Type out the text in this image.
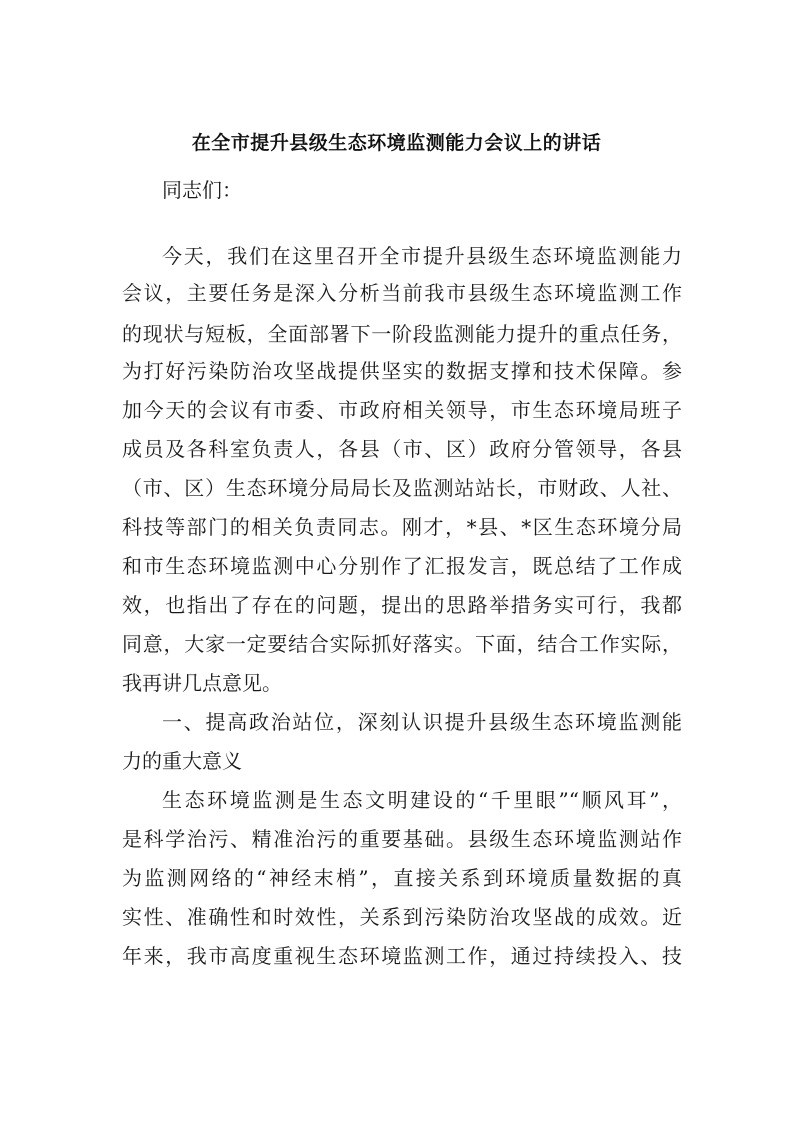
在全市提升县级生态环境监测能力会议上的讲话
同志们：
今天，我们在这里召开全市提升县级生态环境监测能力
会议，主要任务是深入分析当前我市县级生态环境监测工作
的现状与短板，全面部署下一阶段监测能力提升的重点任务，
为打好污染防治攻坚战提供坚实的数据支撑和技术保障。参
加今天的会议有市委、市政府相关领导，市生态环境局班子
成员及各科室负责人，各县（市、区）政府分管领导，各县
（市、区）生态环境分局局长及监测站站长，市财政、人社、
科技等部门的相关负责同志。刚才，*县、*区生态环境分局
和市生态环境监测中心分别作了汇报发言，既总结了工作成
效，也指出了存在的问题，提出的思路举措务实可行，我都
同意，大家一定要结合实际抓好落实。下面，结合工作实际，
我再讲几点意见。
一、提高政治站位，深刻认识提升县级生态环境监测能
力的重大意义
生态环境监测是生态文明建设的“千里眼”“顺风耳”，
是科学治污、精准治污的重要基础。县级生态环境监测站作
为监测网络的“神经末梢”，直接关系到环境质量数据的真
实性、准确性和时效性，关系到污染防治攻坚战的成效。近
年来，我市高度重视生态环境监测工作，通过持续投入、技
